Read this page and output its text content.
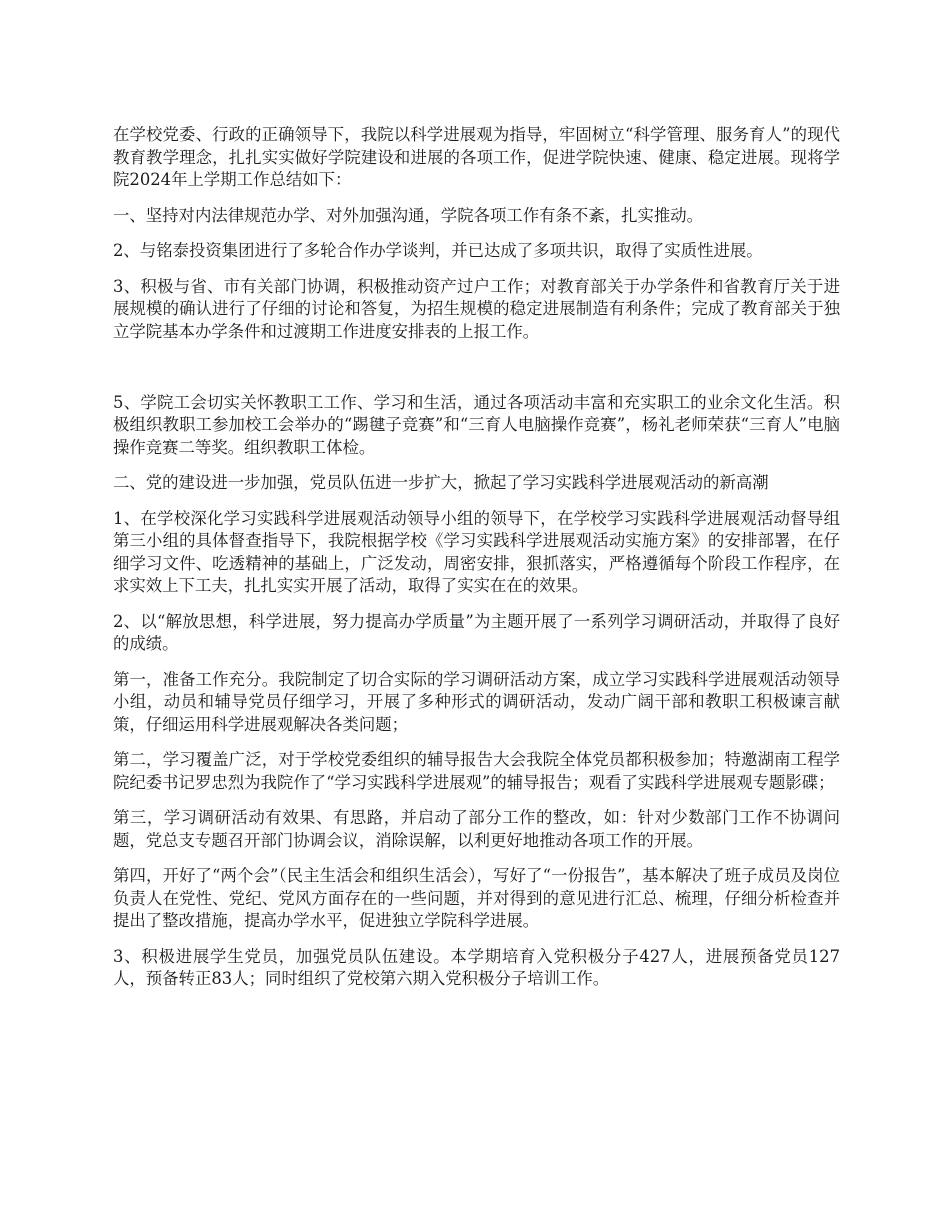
在学校党委、行政的正确领导下，我院以科学进展观为指导，牢固树立“科学管理、服务育人”的现代教育教学理念，扎扎实实做好学院建设和进展的各项工作，促进学院快速、健康、稳定进展。现将学院2024年上学期工作总结如下：

一、坚持对内法律规范办学、对外加强沟通，学院各项工作有条不紊，扎实推动。

2、与铭泰投资集团进行了多轮合作办学谈判，并已达成了多项共识，取得了实质性进展。

3、积极与省、市有关部门协调，积极推动资产过户工作；对教育部关于办学条件和省教育厅关于进展规模的确认进行了仔细的讨论和答复，为招生规模的稳定进展制造有利条件；完成了教育部关于独立学院基本办学条件和过渡期工作进度安排表的上报工作。

5、学院工会切实关怀教职工工作、学习和生活，通过各项活动丰富和充实职工的业余文化生活。积极组织教职工参加校工会举办的“踢毽子竞赛”和“三育人电脑操作竞赛”，杨礼老师荣获“三育人”电脑操作竞赛二等奖。组织教职工体检。

二、党的建设进一步加强，党员队伍进一步扩大，掀起了学习实践科学进展观活动的新高潮

1、在学校深化学习实践科学进展观活动领导小组的领导下，在学校学习实践科学进展观活动督导组第三小组的具体督查指导下，我院根据学校《学习实践科学进展观活动实施方案》的安排部署，在仔细学习文件、吃透精神的基础上，广泛发动，周密安排，狠抓落实，严格遵循每个阶段工作程序，在求实效上下工夫，扎扎实实开展了活动，取得了实实在在的效果。

2、以“解放思想，科学进展，努力提高办学质量”为主题开展了一系列学习调研活动，并取得了良好的成绩。

第一，准备工作充分。我院制定了切合实际的学习调研活动方案，成立学习实践科学进展观活动领导小组，动员和辅导党员仔细学习，开展了多种形式的调研活动，发动广阔干部和教职工积极谏言献策，仔细运用科学进展观解决各类问题；

第二，学习覆盖广泛，对于学校党委组织的辅导报告大会我院全体党员都积极参加；特邀湖南工程学院纪委书记罗忠烈为我院作了“学习实践科学进展观”的辅导报告；观看了实践科学进展观专题影碟；

第三，学习调研活动有效果、有思路，并启动了部分工作的整改，如：针对少数部门工作不协调问题，党总支专题召开部门协调会议，消除误解，以利更好地推动各项工作的开展。

第四，开好了“两个会”（民主生活会和组织生活会），写好了“一份报告”，基本解决了班子成员及岗位负责人在党性、党纪、党风方面存在的一些问题，并对得到的意见进行汇总、梳理，仔细分析检查并提出了整改措施，提高办学水平，促进独立学院科学进展。

3、积极进展学生党员，加强党员队伍建设。本学期培育入党积极分子427人，进展预备党员127人，预备转正83人；同时组织了党校第六期入党积极分子培训工作。
